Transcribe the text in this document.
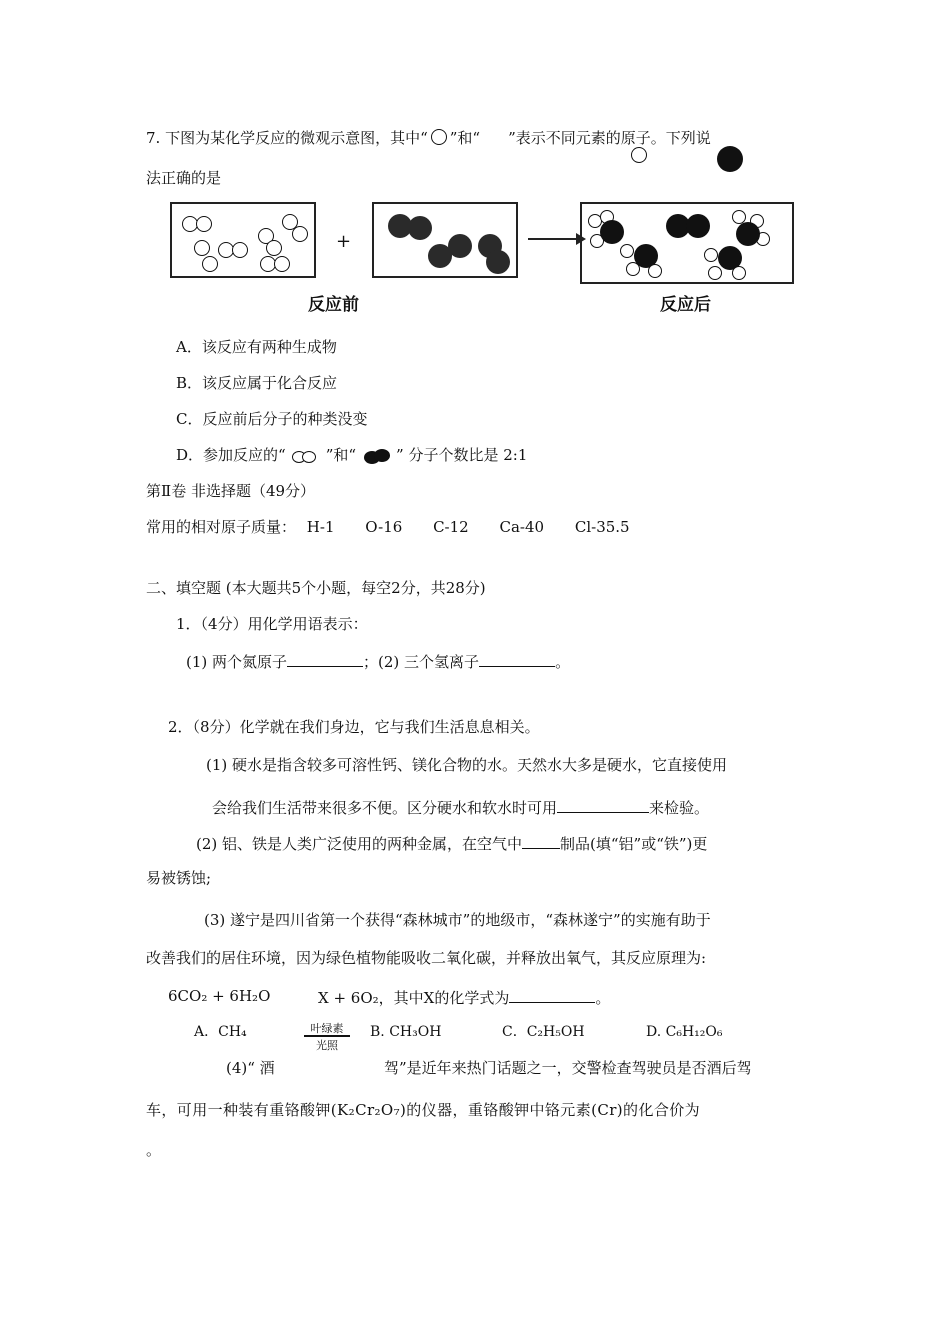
7. 下图为某化学反应的微观示意图，其中“ ”和“ ”表示不同元素的原子。下列说
法正确的是
+
反应前	反应后
A．该反应有两种生成物
B．该反应属于化合反应
C．反应前后分子的种类没变
D．参加反应的“	”和“	” 分子个数比是 2:1
第Ⅱ卷 非选择题（49分）
常用的相对原子质量： H-1 O-16 C-12 Ca-40 Cl-35.5
二、填空题 (本大题共5个小题，每空2分，共28分)
1．（4分）用化学用语表示：
(1) 两个氮原子	；(2) 三个氢离子	。
2．（8分）化学就在我们身边，它与我们生活息息相关。
(1) 硬水是指含较多可溶性钙、镁化合物的水。天然水大多是硬水，它直接使用
会给我们生活带来很多不便。区分硬水和软水时可用	来检验。
(2) 铝、铁是人类广泛使用的两种金属，在空气中	制品(填“铝”或“铁”)更
易被锈蚀;
(3) 遂宁是四川省第一个获得“森林城市”的地级市，“森林遂宁”的实施有助于
改善我们的居住环境，因为绿色植物能吸收二氧化碳，并释放出氧气，其反应原理为:
6CO₂ + 6H₂O	X + 6O₂，其中X的化学式为	。
叶绿素
光照
A．CH₄	B. CH₃OH	C．C₂H₅OH	D. C₆H₁₂O₆
(4)“ 酒	驾”是近年来热门话题之一，交警检查驾驶员是否酒后驾
车，可用一种装有重铬酸钾(K₂Cr₂O₇)的仪器，重铬酸钾中铬元素(Cr)的化合价为
。
